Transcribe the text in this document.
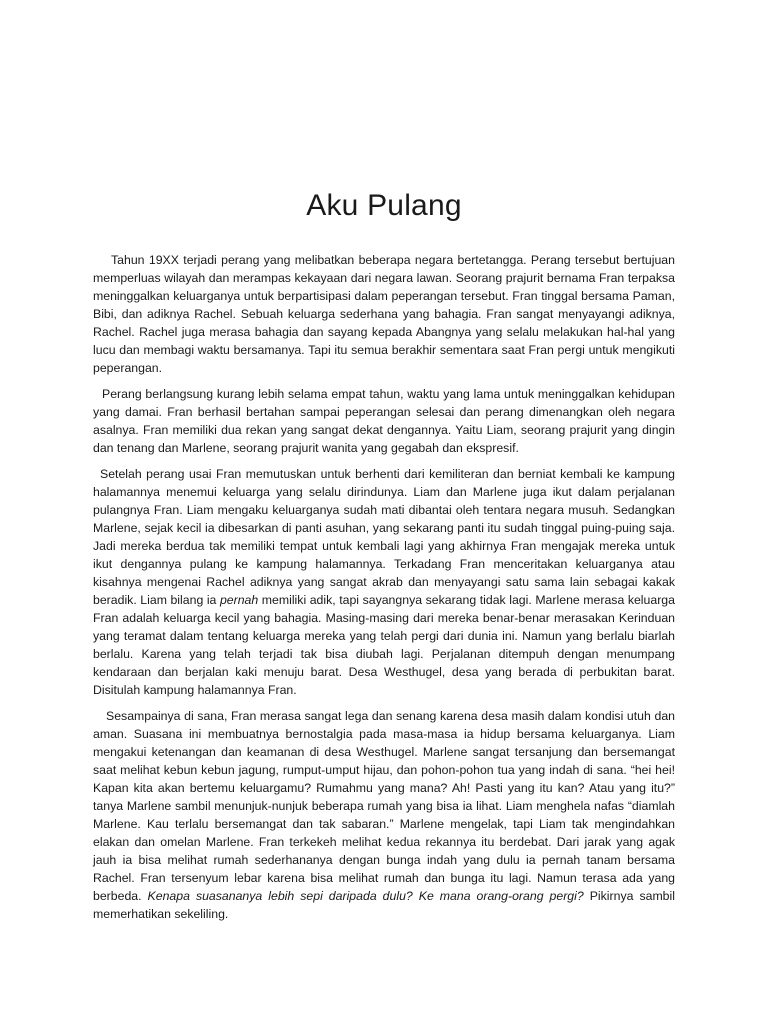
Aku Pulang

Tahun 19XX terjadi perang yang melibatkan beberapa negara bertetangga. Perang tersebut bertujuan memperluas wilayah dan merampas kekayaan dari negara lawan. Seorang prajurit bernama Fran terpaksa meninggalkan keluarganya untuk berpartisipasi dalam peperangan tersebut. Fran tinggal bersama Paman, Bibi, dan adiknya Rachel. Sebuah keluarga sederhana yang bahagia. Fran sangat menyayangi adiknya, Rachel. Rachel juga merasa bahagia dan sayang kepada Abangnya yang selalu melakukan hal-hal yang lucu dan membagi waktu bersamanya. Tapi itu semua berakhir sementara saat Fran pergi untuk mengikuti peperangan.

Perang berlangsung kurang lebih selama empat tahun, waktu yang lama untuk meninggalkan kehidupan yang damai. Fran berhasil bertahan sampai peperangan selesai dan perang dimenangkan oleh negara asalnya. Fran memiliki dua rekan yang sangat dekat dengannya. Yaitu Liam, seorang prajurit yang dingin dan tenang dan Marlene, seorang prajurit wanita yang gegabah dan ekspresif.

Setelah perang usai Fran memutuskan untuk berhenti dari kemiliteran dan berniat kembali ke kampung halamannya menemui keluarga yang selalu dirindunya. Liam dan Marlene juga ikut dalam perjalanan pulangnya Fran. Liam mengaku keluarganya sudah mati dibantai oleh tentara negara musuh. Sedangkan Marlene, sejak kecil ia dibesarkan di panti asuhan, yang sekarang panti itu sudah tinggal puing-puing saja. Jadi mereka berdua tak memiliki tempat untuk kembali lagi yang akhirnya Fran mengajak mereka untuk ikut dengannya pulang ke kampung halamannya. Terkadang Fran menceritakan keluarganya atau kisahnya mengenai Rachel adiknya yang sangat akrab dan menyayangi satu sama lain sebagai kakak beradik. Liam bilang ia pernah memiliki adik, tapi sayangnya sekarang tidak lagi. Marlene merasa keluarga Fran adalah keluarga kecil yang bahagia. Masing-masing dari mereka benar-benar merasakan Kerinduan yang teramat dalam tentang keluarga mereka yang telah pergi dari dunia ini. Namun yang berlalu biarlah berlalu. Karena yang telah terjadi tak bisa diubah lagi. Perjalanan ditempuh dengan menumpang kendaraan dan berjalan kaki menuju barat. Desa Westhugel, desa yang berada di perbukitan barat. Disitulah kampung halamannya Fran.

Sesampainya di sana, Fran merasa sangat lega dan senang karena desa masih dalam kondisi utuh dan aman. Suasana ini membuatnya bernostalgia pada masa-masa ia hidup bersama keluarganya. Liam mengakui ketenangan dan keamanan di desa Westhugel. Marlene sangat tersanjung dan bersemangat saat melihat kebun kebun jagung, rumput-umput hijau, dan pohon-pohon tua yang indah di sana. “hei hei! Kapan kita akan bertemu keluargamu? Rumahmu yang mana? Ah! Pasti yang itu kan? Atau yang itu?” tanya Marlene sambil menunjuk-nunjuk beberapa rumah yang bisa ia lihat. Liam menghela nafas “diamlah Marlene. Kau terlalu bersemangat dan tak sabaran.” Marlene mengelak, tapi Liam tak mengindahkan elakan dan omelan Marlene. Fran terkekeh melihat kedua rekannya itu berdebat. Dari jarak yang agak jauh ia bisa melihat rumah sederhananya dengan bunga indah yang dulu ia pernah tanam bersama Rachel. Fran tersenyum lebar karena bisa melihat rumah dan bunga itu lagi. Namun terasa ada yang berbeda. Kenapa suasananya lebih sepi daripada dulu? Ke mana orang-orang pergi? Pikirnya sambil memerhatikan sekeliling.
